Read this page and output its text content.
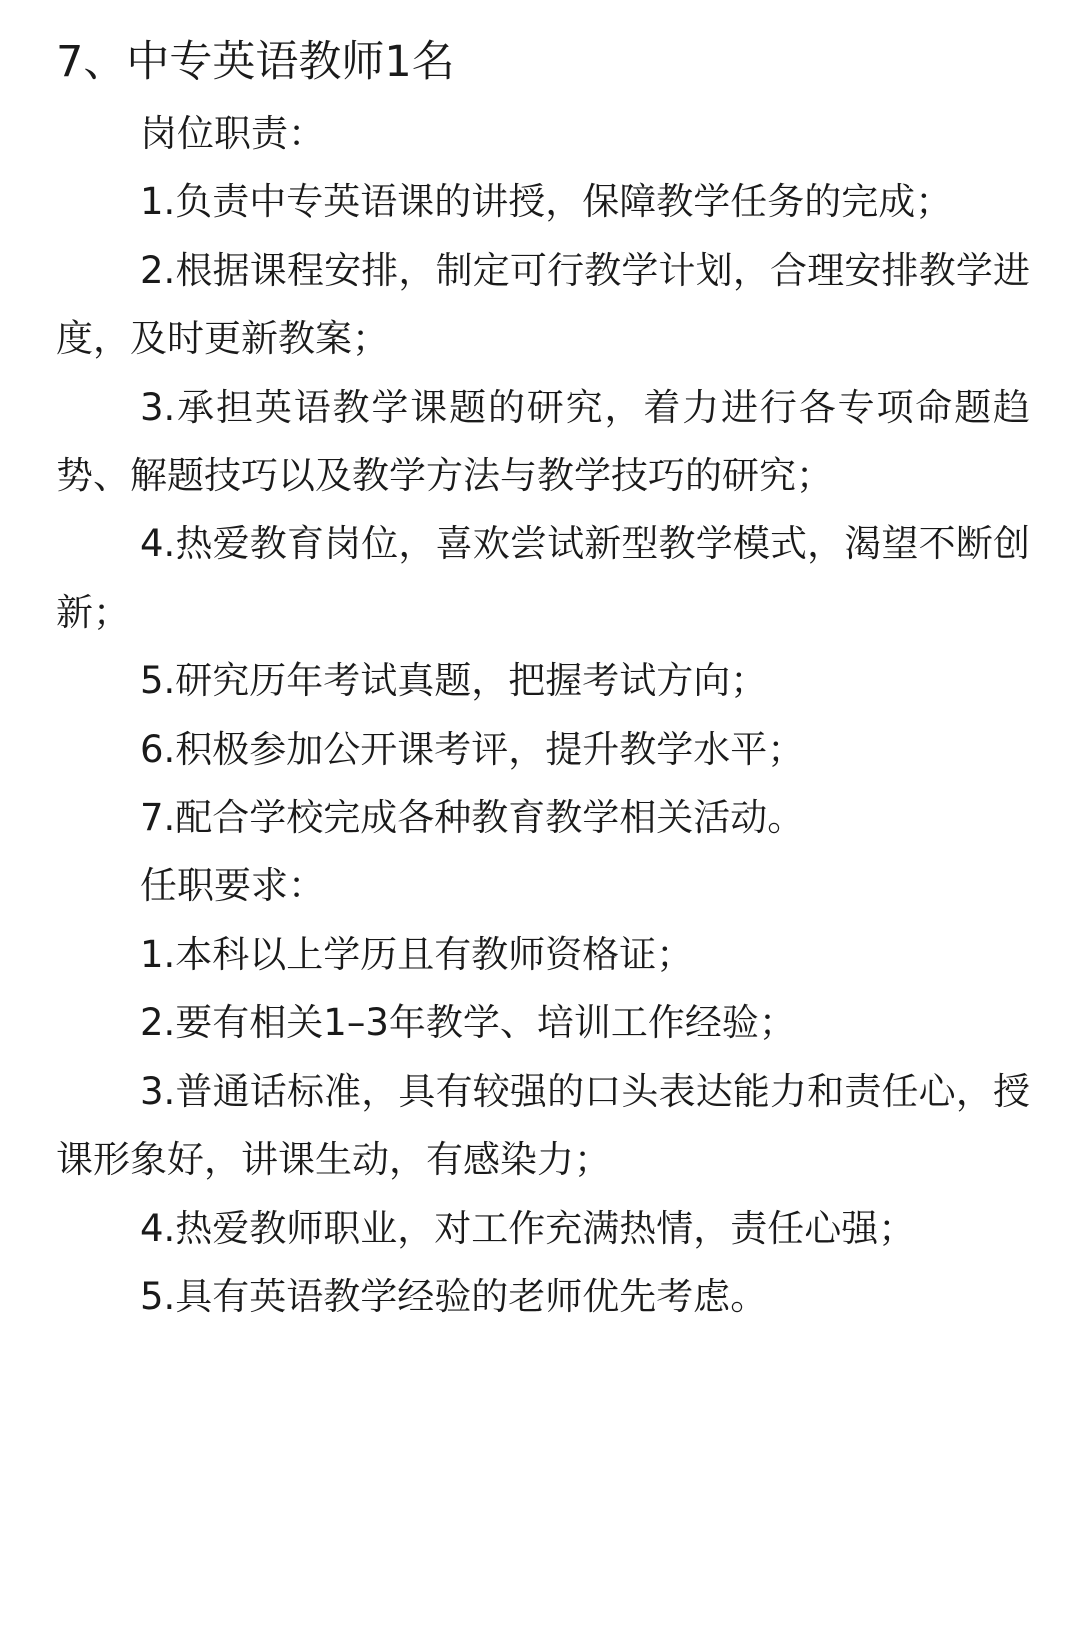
7、中专英语教师1名

岗位职责：

1.负责中专英语课的讲授，保障教学任务的完成；

2.根据课程安排，制定可行教学计划，合理安排教学进度，及时更新教案；

3.承担英语教学课题的研究，着力进行各专项命题趋势、解题技巧以及教学方法与教学技巧的研究；

4.热爱教育岗位，喜欢尝试新型教学模式，渴望不断创新；

5.研究历年考试真题，把握考试方向；

6.积极参加公开课考评，提升教学水平；

7.配合学校完成各种教育教学相关活动。

任职要求：

1.本科以上学历且有教师资格证；

2.要有相关1–3年教学、培训工作经验；

3.普通话标准，具有较强的口头表达能力和责任心，授课形象好，讲课生动，有感染力；

4.热爱教师职业，对工作充满热情，责任心强；

5.具有英语教学经验的老师优先考虑。
